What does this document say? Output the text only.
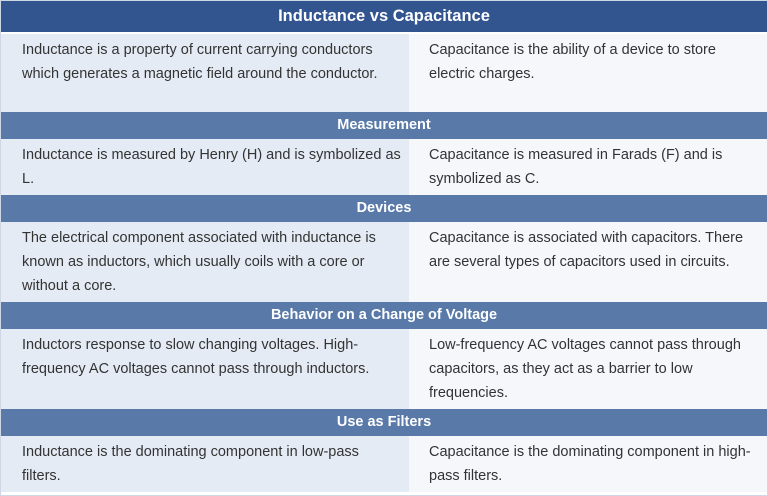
Inductance vs Capacitance
Inductance is a property of current carrying conductors which generates a magnetic field around the conductor.
Capacitance is the ability of a device to store electric charges.
Measurement
Inductance is measured by Henry (H) and is symbolized as L.
Capacitance is measured in Farads (F) and is symbolized as C.
Devices
The electrical component associated with inductance is known as inductors, which usually coils with a core or without a core.
Capacitance is associated with capacitors. There are several types of capacitors used in circuits.
Behavior on a Change of Voltage
Inductors response to slow changing voltages. High-frequency AC voltages cannot pass through inductors.
Low-frequency AC voltages cannot pass through capacitors, as they act as a barrier to low frequencies.
Use as Filters
Inductance is the dominating component in low-pass filters.
Capacitance is the dominating component in high-pass filters.
